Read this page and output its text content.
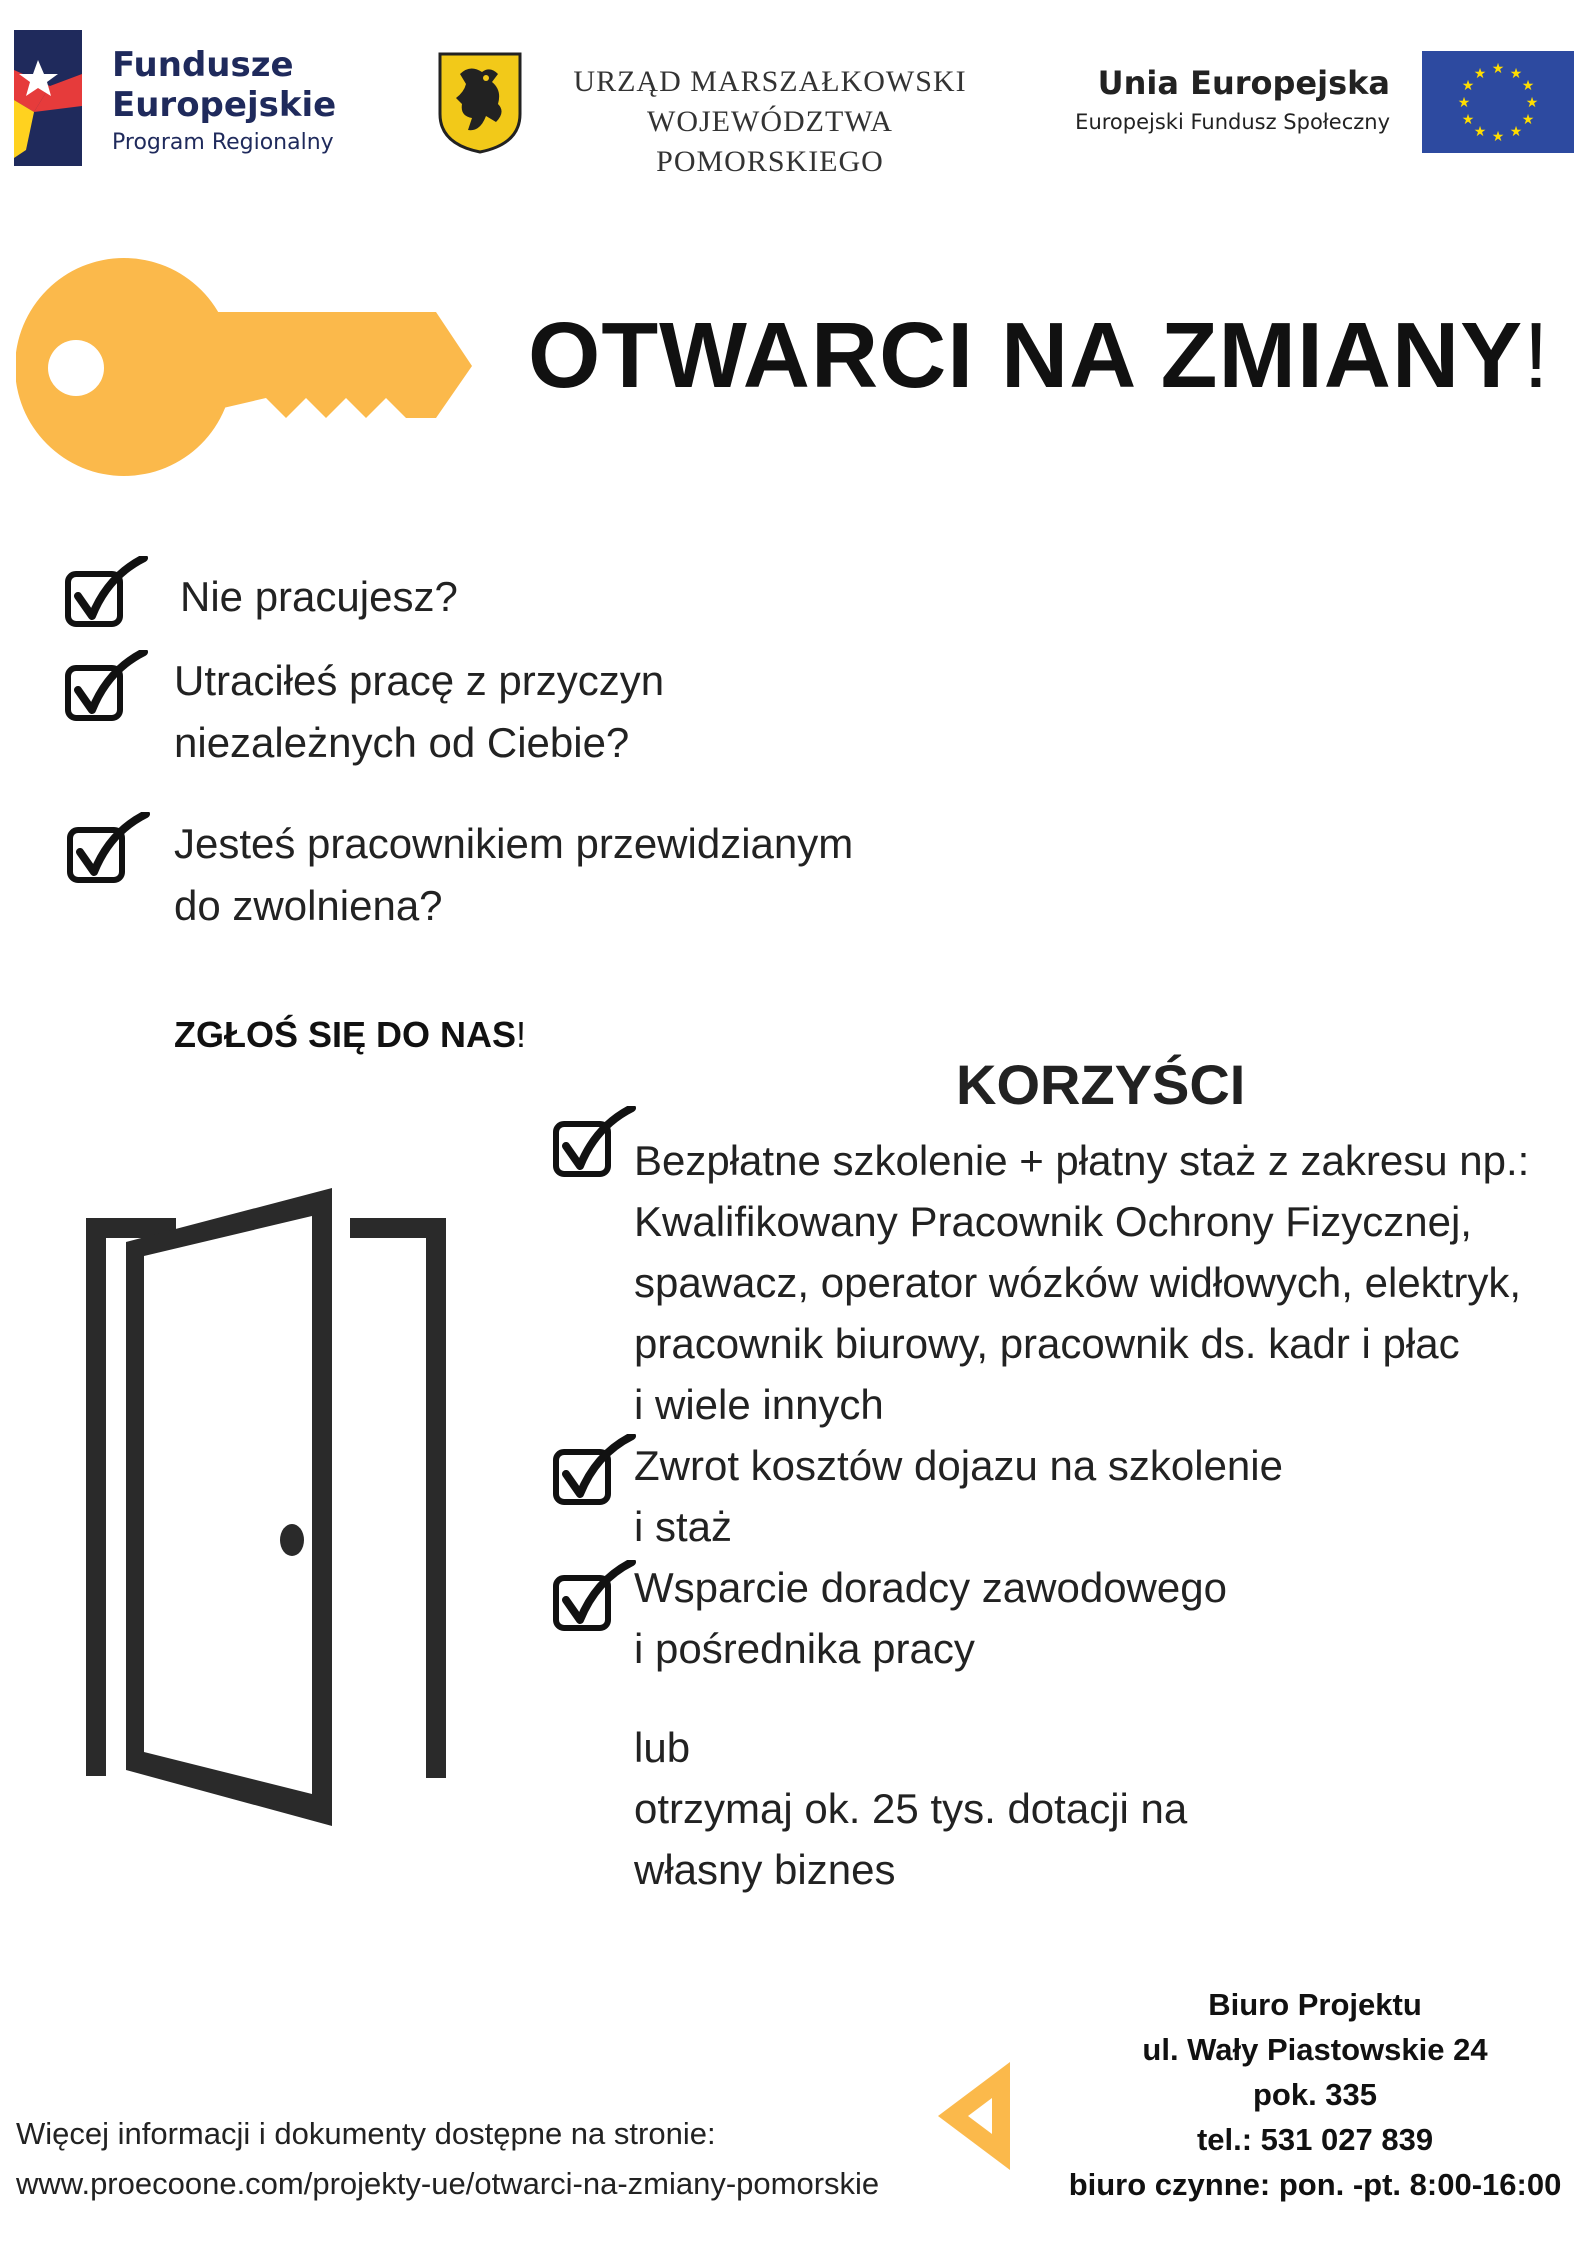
Fundusze
Europejskie
Program Regionalny
URZĄD MARSZAŁKOWSKI
WOJEWÓDZTWA POMORSKIEGO
Unia Europejska
Europejski Fundusz Społeczny
★ ★
★
★
★
★
★
★
★
★
★
★
OTWARCI NA ZMIANY!
Nie pracujesz?
Utraciłeś pracę z przyczyn
niezależnych od Ciebie?
Jesteś pracownikiem przewidzianym
do zwolniena?
ZGŁOŚ SIĘ DO NAS!
KORZYŚCI
Bezpłatne szkolenie + płatny staż z zakresu np.:
Kwalifikowany Pracownik Ochrony Fizycznej,
spawacz, operator wózków widłowych, elektryk,
pracownik biurowy, pracownik ds. kadr i płac
i wiele innych
Zwrot kosztów dojazu na szkolenie
i staż
Wsparcie doradcy zawodowego
i pośrednika pracy
lub
otrzymaj ok. 25 tys. dotacji na
własny biznes
Więcej informacji i dokumenty dostępne na stronie:
www.proecoone.com/projekty-ue/otwarci-na-zmiany-pomorskie
Biuro Projektu
ul. Wały Piastowskie 24
pok. 335
tel.: 531 027 839
biuro czynne: pon. -pt. 8:00-16:00
